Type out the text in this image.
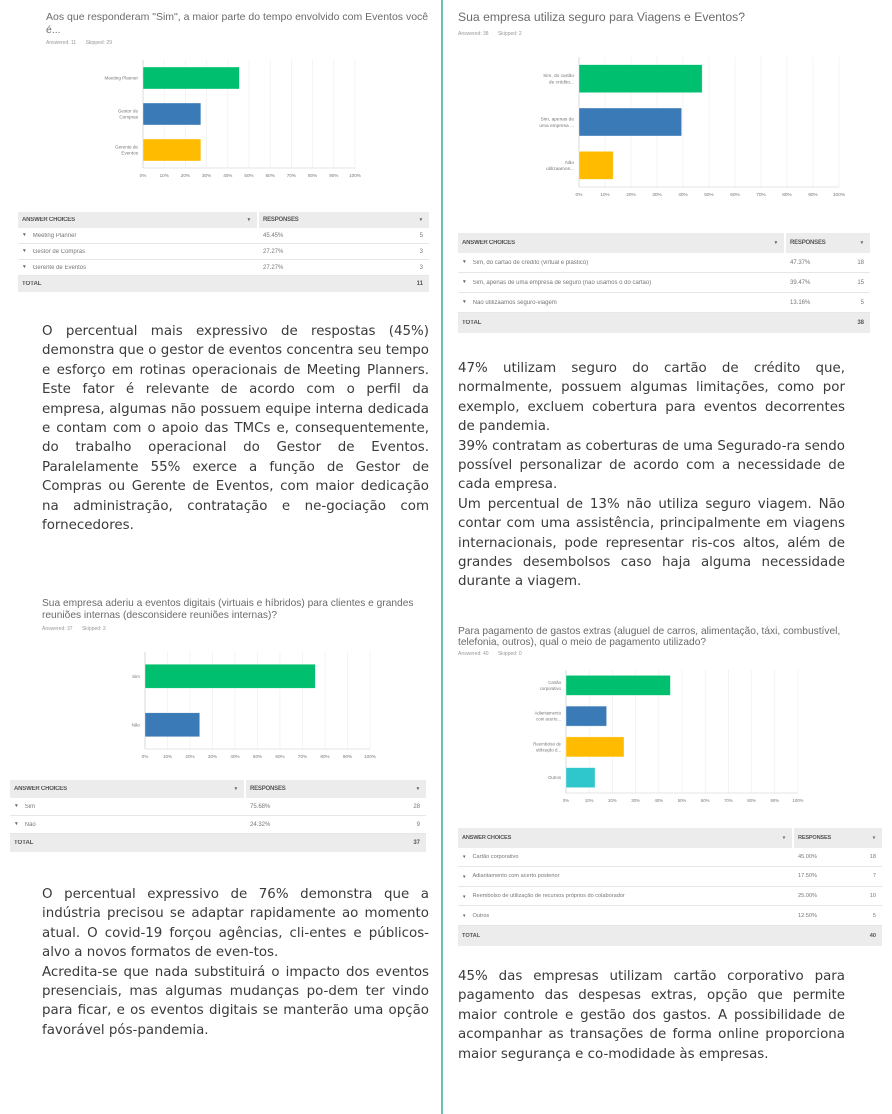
Aos que responderam "Sim", a maior parte do tempo envolvido com Eventos você é...
Answered: 11 Skipped: 29
0%	10%	20%	30%	40%	50%	60%	70%	80%	90% 100%
Meeting Planner
Gestor de
Compras
Gerente de
Eventos
ANSWER CHOICES	▼ RESPONSES	▼
▼ Meeting Planner	45.45%	5
▼ Gestor de Compras	27.27%	3
▼ Gerente de Eventos	27.27%	3
TOTAL	11

O percentual mais expressivo de respostas (45%) demonstra que o gestor de eventos concentra seu tempo e esforço em rotinas operacionais de Meeting Planners. Este fator é relevante de acordo com o perfil da empresa, algumas não possuem equipe interna dedicada e contam com o apoio das TMCs e, consequentemente, do trabalho operacional do Gestor de Eventos. Paralelamente 55% exerce a função de Gestor de Compras ou Gerente de Eventos, com maior dedicação na administração, contratação e ne-gociação com fornecedores.

Sua empresa aderiu a eventos digitais (virtuais e híbridos) para clientes e grandes reuniões internas (desconsidere reuniões internas)?
Answered: 37 Skipped: 3
0%	10%	20%	30%	40%	50%	60%	70%	80%	90%	100%
Sim
Não
ANSWER CHOICES	▼ RESPONSES	▼
▼ Sim	75.68%	28
▼ Não	24.32%	9
TOTAL	37

O percentual expressivo de 76% demonstra que a indústria precisou se adaptar rapidamente ao momento atual. O covid-19 forçou agências, cli-entes e públicos-alvo a novos formatos de even-tos.

Acredita-se que nada substituirá o impacto dos eventos presenciais, mas algumas mudanças po-dem ter vindo para ficar, e os eventos digitais se manterão uma opção favorável pós-pandemia.

Sua empresa utiliza seguro para Viagens e Eventos?
Answered: 38 Skipped: 2
0%	10%	20%	30%	40%	50%	60%	70%	80%	90%	100%
Sim, do cartão
de crédito...
Sim, apenas de
uma empresa ...
Não
utilizaamos...
ANSWER CHOICES	▼ RESPONSES	▼
▼ Sim, do cartão de crédito (virtual e plástico)	47.37%	18
▼ Sim, apenas de uma empresa de seguro (não usamos o do cartão)	39.47%	15
▼ Não utilizaamos seguro-viagem	13.16%	5
TOTAL	38

47% utilizam seguro do cartão de crédito que, normalmente, possuem algumas limitações, como por exemplo, excluem cobertura para eventos decorrentes de pandemia.

39% contratam as coberturas de uma Segurado-ra sendo possível personalizar de acordo com a necessidade de cada empresa.

Um percentual de 13% não utiliza seguro viagem. Não contar com uma assistência, principalmente em viagens internacionais, pode representar ris-cos altos, além de grandes desembolsos caso haja alguma necessidade durante a viagem.

Para pagamento de gastos extras (aluguel de carros, alimentação, táxi, combustível, telefonia, outros), qual o meio de pagamento utilizado?
Answered: 40 Skipped: 0
0%	10%	20%	30%	40%	50%	60%	70%	80%	90%	100%
Cartão
corporativo
Adiantamento
com acerto...
Reembolso de
utilização d...
Outros
ANSWER CHOICES	▼ RESPONSES	▼
▼ Cartão corporativo	45.00%	18
▼ Adiantamento com acerto posterior	17.50%	7
▼ Reembolso de utilização de recursos próprios do colaborador	25.00%	10
▼ Outros	12.50%	5
TOTAL	40

45% das empresas utilizam cartão corporativo para pagamento das despesas extras, opção que permite maior controle e gestão dos gastos. A possibilidade de acompanhar as transações de forma online proporciona maior segurança e co-modidade às empresas.
